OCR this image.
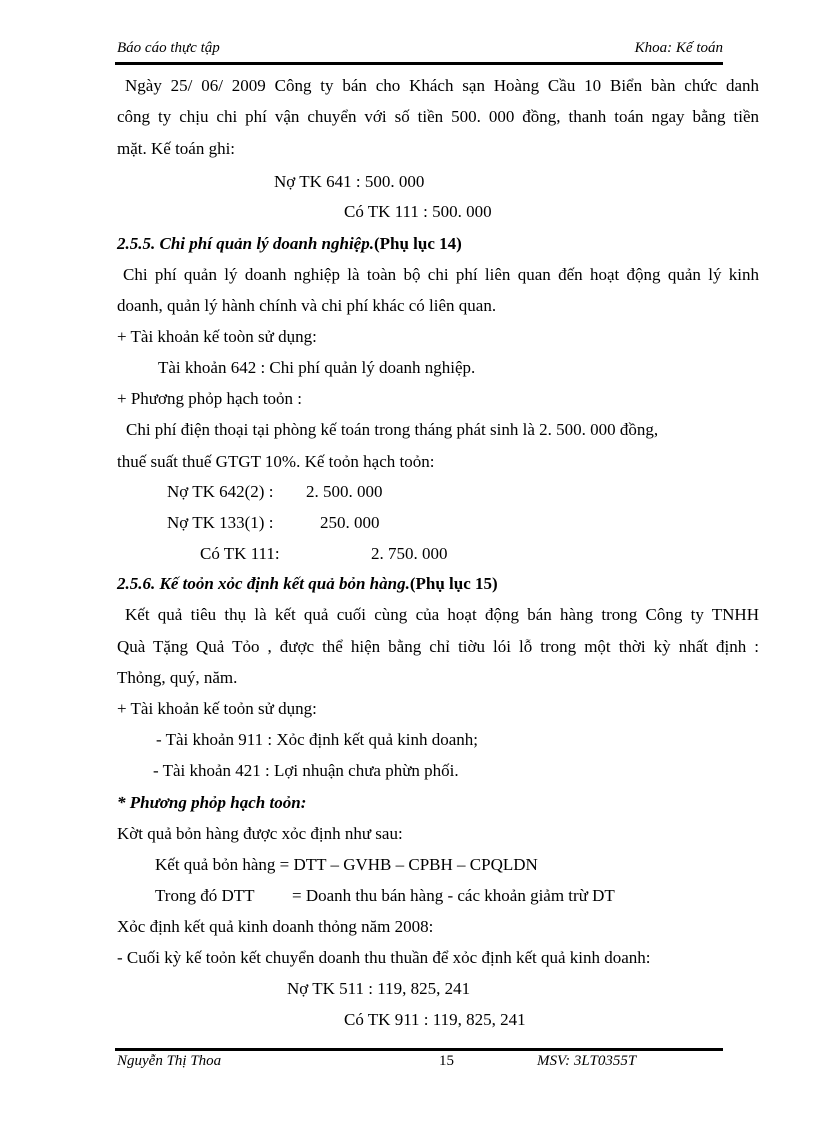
Báo cáo thực tập	Khoa: Kế toán
Ngày 25/ 06/ 2009 Công ty bán cho Khách sạn Hoàng Cầu 10 Biển bàn chức danh
công ty chịu chi phí vận chuyển với số tiền 500. 000 đồng, thanh toán ngay bằng tiền
mặt. Kế toán ghi:
Nợ TK 641 : 500. 000
Có TK 111 : 500. 000
2.5.5. Chi phí quản lý doanh nghiệp.(Phụ lục 14)
Chi phí quản lý doanh nghiệp là toàn bộ chi phí liên quan đến hoạt động quản lý kinh
doanh, quản lý hành chính và chi phí khác có liên quan.
+ Tài khoản kế toòn sử dụng:
Tài khoản 642 : Chi phí quản lý doanh nghiệp.
+ Phương phỏp hạch toỏn :
Chi phí điện thoại tại phòng kế toán trong tháng phát sinh là 2. 500. 000 đồng,
thuế suất thuế GTGT 10%. Kế toỏn hạch toỏn:
Nợ TK 642(2) : 2. 500. 000
Nợ TK 133(1) :	250. 000
Có TK 111:	2. 750. 000
2.5.6. Kế toỏn xỏc định kết quả bỏn hàng.(Phụ lục 15)
Kết quả tiêu thụ là kết quả cuối cùng của hoạt động bán hàng trong Công ty TNHH
Quà Tặng Quả Tỏo , được thể hiện bằng chỉ tiờu lói lỗ trong một thời kỳ nhất định :
Thỏng, quý, năm.
+ Tài khoản kế toỏn sử dụng:
- Tài khoản 911 : Xỏc định kết quả kinh doanh;
- Tài khoản 421 : Lợi nhuận chưa phừn phối.
* Phương phỏp hạch toỏn:
Kờt quả bỏn hàng được xỏc định như sau:
Kết quả bỏn hàng = DTT – GVHB – CPBH – CPQLDN
Trong đó DTT = Doanh thu bán hàng - các khoản giảm trừ DT
Xỏc định kết quả kinh doanh thỏng năm 2008:
- Cuối kỳ kế toỏn kết chuyển doanh thu thuần để xỏc định kết quả kinh doanh:
Nợ TK 511 : 119, 825, 241
Có TK 911 : 119, 825, 241
Nguyễn Thị Thoa	15	MSV: 3LT0355T
